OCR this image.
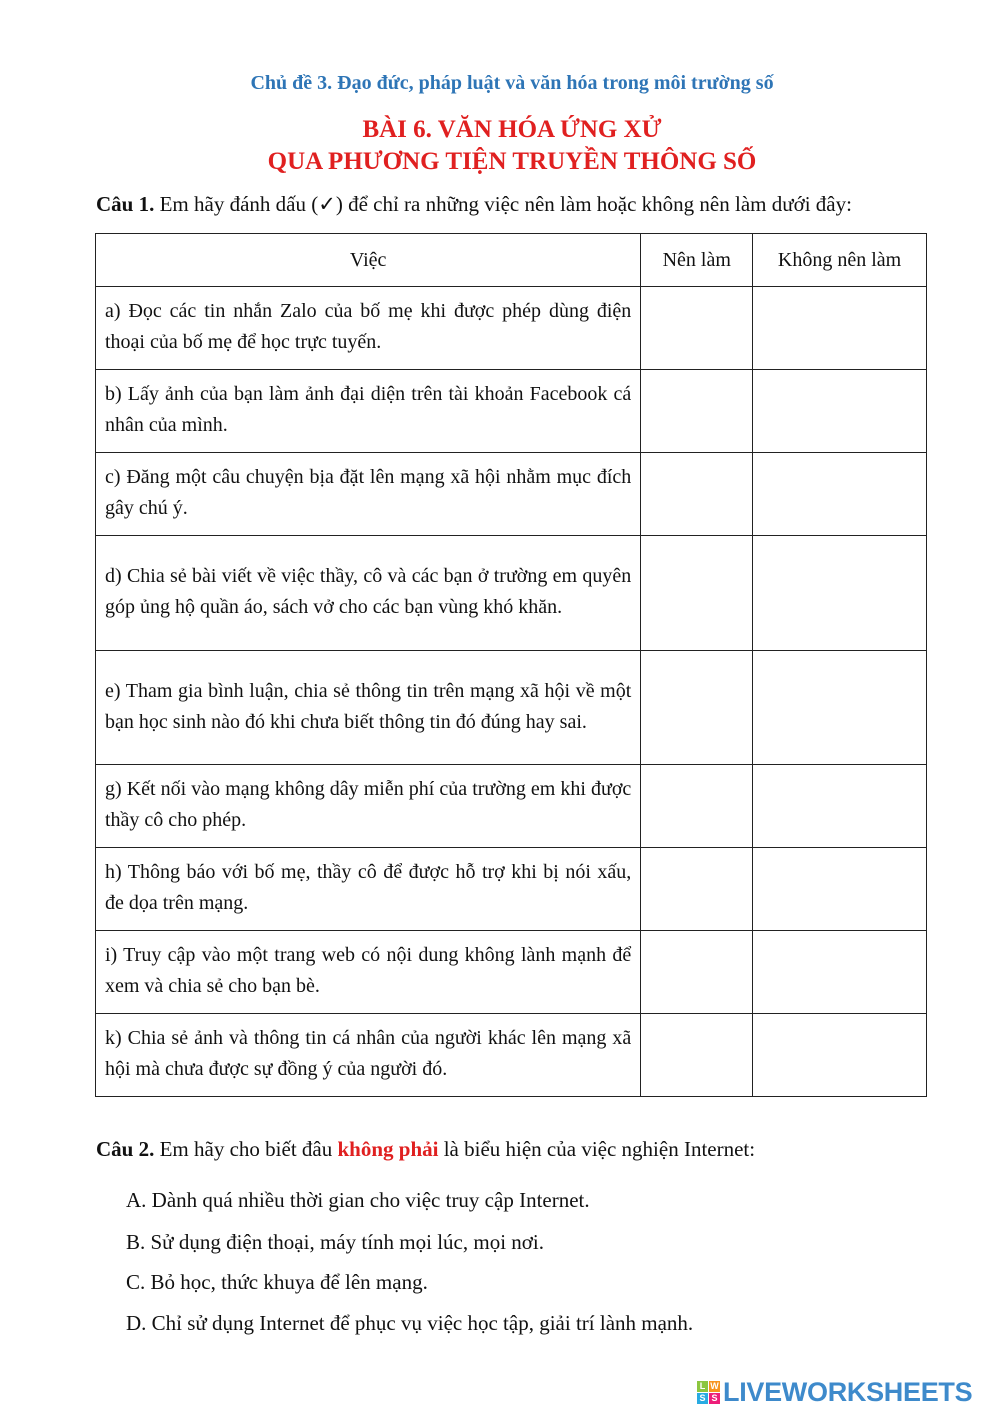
Chủ đề 3. Đạo đức, pháp luật và văn hóa trong môi trường số
BÀI 6. VĂN HÓA ỨNG XỬ
QUA PHƯƠNG TIỆN TRUYỀN THÔNG SỐ
Câu 1. Em hãy đánh dấu (✓) để chỉ ra những việc nên làm hoặc không nên làm dưới đây:
Việc	Nên làm	Không nên làm
a) Đọc các tin nhắn Zalo của bố mẹ khi được phép dùng điện thoại của bố mẹ để học trực tuyến.		
b) Lấy ảnh của bạn làm ảnh đại diện trên tài khoản Facebook cá nhân của mình.		
c) Đăng một câu chuyện bịa đặt lên mạng xã hội nhằm mục đích gây chú ý.		
d) Chia sẻ bài viết về việc thầy, cô và các bạn ở trường em quyên góp ủng hộ quần áo, sách vở cho các bạn vùng khó khăn.		
e) Tham gia bình luận, chia sẻ thông tin trên mạng xã hội về một bạn học sinh nào đó khi chưa biết thông tin đó đúng hay sai.		
g) Kết nối vào mạng không dây miễn phí của trường em khi được thầy cô cho phép.		
h) Thông báo với bố mẹ, thầy cô để được hỗ trợ khi bị nói xấu, đe dọa trên mạng.		
i) Truy cập vào một trang web có nội dung không lành mạnh để xem và chia sẻ cho bạn bè.		
k) Chia sẻ ảnh và thông tin cá nhân của người khác lên mạng xã hội mà chưa được sự đồng ý của người đó.		
Câu 2. Em hãy cho biết đâu không phải là biểu hiện của việc nghiện Internet:
A. Dành quá nhiều thời gian cho việc truy cập Internet.
B. Sử dụng điện thoại, máy tính mọi lúc, mọi nơi.
C. Bỏ học, thức khuya để lên mạng.
D. Chỉ sử dụng Internet để phục vụ việc học tập, giải trí lành mạnh.
L W
S S LIVEWORKSHEETS
